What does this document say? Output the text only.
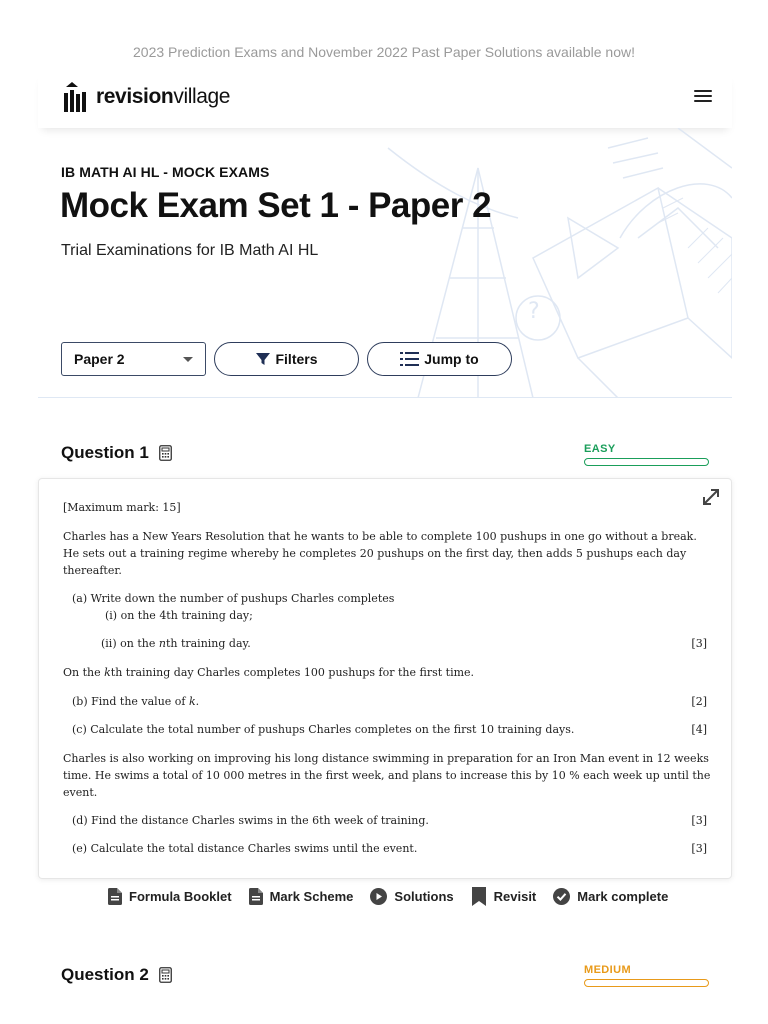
2023 Prediction Exams and November 2022 Past Paper Solutions available now!
revisionvillage
?
IB MATH AI HL - MOCK EXAMS
Mock Exam Set 1 - Paper 2
Trial Examinations for IB Math AI HL
Paper 2	Filters	Jump to
Question 1	EASY
[Maximum mark: 15]
Charles has a New Years Resolution that he wants to be able to complete 100 pushups in one go without a break.
He sets out a training regime whereby he completes 20 pushups on the first day, then adds 5 pushups each day
thereafter.
(a) Write down the number of pushups Charles completes
(i) on the 4th training day;
(ii) on the nth training day.	[3]
On the kth training day Charles completes 100 pushups for the first time.
(b) Find the value of k.	[2]
(c) Calculate the total number of pushups Charles completes on the first 10 training days.	[4]
Charles is also working on improving his long distance swimming in preparation for an Iron Man event in 12 weeks
time. He swims a total of 10 000 metres in the first week, and plans to increase this by 10 % each week up until the
event.
(d) Find the distance Charles swims in the 6th week of training.	[3]
(e) Calculate the total distance Charles swims until the event.	[3]
Formula Booklet	Mark Scheme	Solutions	Revisit	Mark complete
Question 2	MEDIUM
